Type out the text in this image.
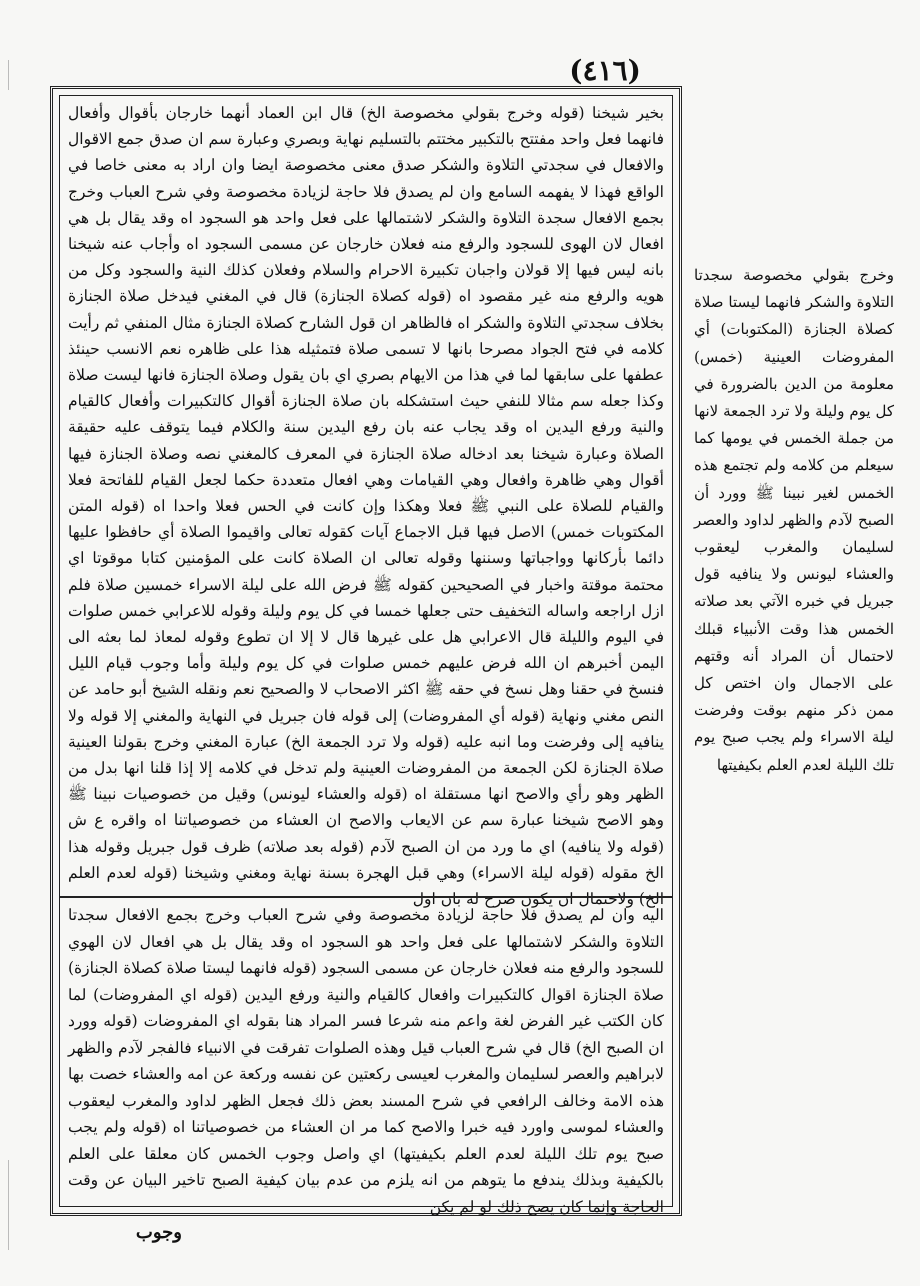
(٤١٦)
بخير شيخنا (قوله وخرج بقولي مخصوصة الخ) قال ابن العماد أنهما خارجان بأقوال وأفعال فانهما فعل واحد مفتتح بالتكبير مختتم بالتسليم نهاية وبصري وعبارة سم ان صدق جمع الاقوال والافعال في سجدتي التلاوة والشكر صدق معنى مخصوصة ايضا وان اراد به معنى خاصا في الواقع فهذا لا يفهمه السامع وان لم يصدق فلا حاجة لزيادة مخصوصة وفي شرح العباب وخرج بجمع الافعال سجدة التلاوة والشكر لاشتمالها على فعل واحد هو السجود اه وقد يقال بل هي افعال لان الهوى للسجود والرفع منه فعلان خارجان عن مسمى السجود اه وأجاب عنه شيخنا بانه ليس فيها إلا قولان واجبان تكبيرة الاحرام والسلام وفعلان كذلك النية والسجود وكل من هويه والرفع منه غير مقصود اه (قوله كصلاة الجنازة) قال في المغني فيدخل صلاة الجنازة بخلاف سجدتي التلاوة والشكر اه فالظاهر ان قول الشارح كصلاة الجنازة مثال المنفي ثم رأيت كلامه في فتح الجواد مصرحا بانها لا تسمى صلاة فتمثيله هذا على ظاهره نعم الانسب حينئذ عطفها على سابقها لما في هذا من الايهام بصري اي بان يقول وصلاة الجنازة فانها ليست صلاة وكذا جعله سم مثالا للنفي حيث استشكله بان صلاة الجنازة أقوال كالتكبيرات وأفعال كالقيام والنية ورفع اليدين اه وقد يجاب عنه بان رفع اليدين سنة والكلام فيما يتوقف عليه حقيقة الصلاة وعبارة شيخنا بعد ادخاله صلاة الجنازة في المعرف كالمغني نصه وصلاة الجنازة فيها أقوال وهي ظاهرة وافعال وهي القيامات وهي افعال متعددة حكما لجعل القيام للفاتحة فعلا والقيام للصلاة على النبي ﷺ فعلا وهكذا وإن كانت في الحس فعلا واحدا اه (قوله المتن المكتوبات خمس) الاصل فيها قبل الاجماع آيات كقوله تعالى واقيموا الصلاة أي حافظوا عليها دائما بأركانها وواجباتها وسننها وقوله تعالى ان الصلاة كانت على المؤمنين كتابا موقوتا اي محتمة موقتة واخبار في الصحيحين كقوله ﷺ فرض الله على ليلة الاسراء خمسين صلاة فلم ازل اراجعه واساله التخفيف حتى جعلها خمسا في كل يوم وليلة وقوله للاعرابي خمس صلوات في اليوم والليلة قال الاعرابي هل على غيرها قال لا إلا ان تطوع وقوله لمعاذ لما بعثه الى اليمن أخبرهم ان الله فرض عليهم خمس صلوات في كل يوم وليلة وأما وجوب قيام الليل فنسخ في حقنا وهل نسخ في حقه ﷺ اكثر الاصحاب لا والصحيح نعم ونقله الشيخ أبو حامد عن النص مغني ونهاية (قوله أي المفروضات) إلى قوله فان جبريل في النهاية والمغني إلا قوله ولا ينافيه إلى وفرضت وما انبه عليه (قوله ولا ترد الجمعة الخ) عبارة المغني وخرج بقولنا العينية صلاة الجنازة لكن الجمعة من المفروضات العينية ولم تدخل في كلامه إلا إذا قلنا انها بدل من الظهر وهو رأي والاصح انها مستقلة اه (قوله والعشاء ليونس) وقيل من خصوصيات نبينا ﷺ وهو الاصح شيخنا عبارة سم عن الايعاب والاصح ان العشاء من خصوصياتنا اه واقره ع ش (قوله ولا ينافيه) اي ما ورد من ان الصبح لآدم (قوله بعد صلاته) ظرف قول جبريل وقوله هذا الخ مقوله (قوله ليلة الاسراء) وهي قبل الهجرة بسنة نهاية ومغني وشيخنا (قوله لعدم العلم الخ) ولاحتمال ان يكون صرح له بان اول
اليه وان لم يصدق فلا حاجة لزيادة مخصوصة وفي شرح العباب وخرج بجمع الافعال سجدتا التلاوة والشكر لاشتمالها على فعل واحد هو السجود اه وقد يقال بل هي افعال لان الهوي للسجود والرفع منه فعلان خارجان عن مسمى السجود (قوله فانهما ليستا صلاة كصلاة الجنازة) صلاة الجنازة اقوال كالتكبيرات وافعال كالقيام والنية ورفع اليدين (قوله اي المفروضات) لما كان الكتب غير الفرض لغة واعم منه شرعا فسر المراد هنا بقوله اي المفروضات (قوله وورد ان الصبح الخ) قال في شرح العباب قيل وهذه الصلوات تفرقت في الانبياء فالفجر لآدم والظهر لابراهيم والعصر لسليمان والمغرب لعيسى ركعتين عن نفسه وركعة عن امه والعشاء خصت بها هذه الامة وخالف الرافعي في شرح المسند بعض ذلك فجعل الظهر لداود والمغرب ليعقوب والعشاء لموسى واورد فيه خبرا والاصح كما مر ان العشاء من خصوصياتنا اه (قوله ولم يجب صبح يوم تلك الليلة لعدم العلم بكيفيتها) اي واصل وجوب الخمس كان معلقا على العلم بالكيفية وبذلك يندفع ما يتوهم من انه يلزم من عدم بيان كيفية الصبح تاخير البيان عن وقت الحاجة وإنما كان يصح ذلك لو لم يكن
وخرج بقولي مخصوصة سجدتا التلاوة والشكر فانهما ليستا صلاة كصلاة الجنازة (المكتوبات) أي المفروضات العينية (خمس) معلومة من الدين بالضرورة في كل يوم وليلة ولا ترد الجمعة لانها من جملة الخمس في يومها كما سيعلم من كلامه ولم تجتمع هذه الخمس لغير نبينا ﷺ وورد أن الصبح لآدم والظهر لداود والعصر لسليمان والمغرب ليعقوب والعشاء ليونس ولا ينافيه قول جبريل في خبره الآتي بعد صلاته الخمس هذا وقت الأنبياء قبلك لاحتمال أن المراد أنه وقتهم على الاجمال وان اختص كل ممن ذكر منهم بوقت وفرضت ليلة الاسراء ولم يجب صبح يوم تلك الليلة لعدم العلم بكيفيتها
وجوب
